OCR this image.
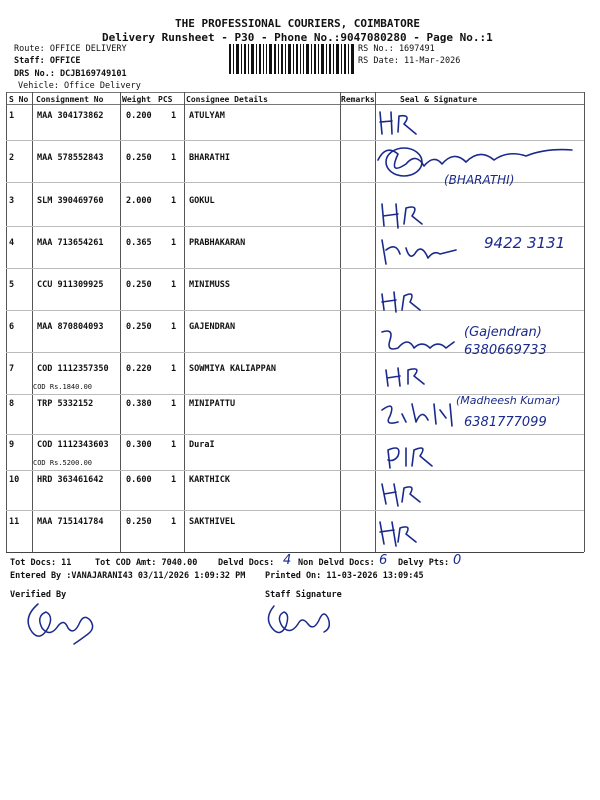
THE PROFESSIONAL COURIERS, COIMBATORE
Delivery Runsheet - P30 - Phone No.:9047080280 - Page No.:1
Route: OFFICE DELIVERY
Staff: OFFICE
DRS No.: DCJB169749101
Vehicle: Office Delivery
RS No.: 1697491
RS Date: 11-Mar-2026
S No Consignment No Weight PCS Consignee Details	Remarks	Seal & Signature
1	MAA 304173862	0.200 1 ATULYAM
2	MAA 578552843	0.250 1 BHARATHI
3	SLM 390469760	2.000 1 GOKUL
4	MAA 713654261	0.365 1 PRABHAKARAN
5	CCU 911309925	0.250 1 MINIMUSS
6	MAA 870804093	0.250 1 GAJENDRAN
7	COD 1112357350 0.220 1 SOWMIYA KALIAPPAN
COD Rs.1840.00
8	TRP 5332152	0.380 1 MINIPATTU
9	COD 1112343603 0.300 1 DuraI
COD Rs.5200.00
10 HRD 363461642	0.600 1 KARTHICK
11 MAA 715141784	0.250 1 SAKTHIVEL
(BHARATHI)
9422 3131
(Gajendran)
6380669733
(Madheesh Kumar)
6381777099
Tot Docs: 11	Tot COD Amt: 7040.00 Delvd Docs: 4 Non Delvd Docs: 6 Delvy Pts: 0
Entered By :VANAJARANI43 03/11/2026 1:09:32 PM Printed On: 11-03-2026 13:09:45
Verified By	Staff Signature
